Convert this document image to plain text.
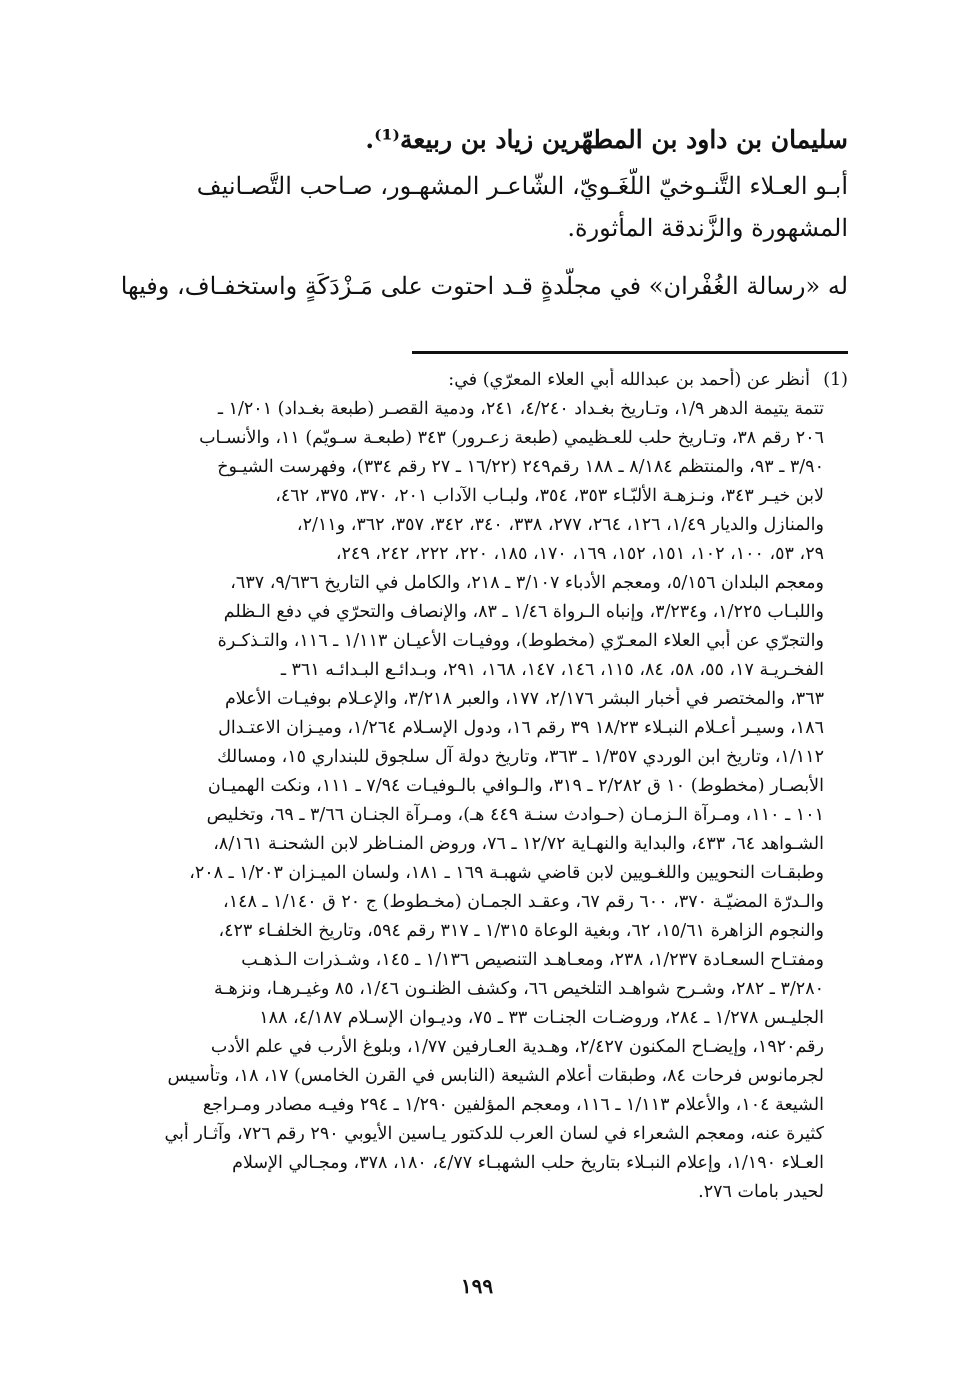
سليمان بن داود بن المطهّرين زياد بن ربيعة⁽¹⁾.
أبـو العـلاء التَّنـوخيّ اللُّغَـويّ، الشّاعـر المشهـور، صـاحب التَّصـانيف
المشهورة والزَّندقة المأثورة.
له «رسالة الغُفْران» في مجلَّدةٍ قـد احتوت على مَـزْدَكَةٍ واستخفـاف، وفيها
(1)
أنظر عن (أحمد بن عبدالله أبي العلاء المعرّي) في:
تتمة يتيمة الدهر ١/٩، وتـاريخ بغـداد ٤/٢٤٠، ٢٤١، ودمية القصـر (طبعة بغـداد) ١/٢٠١ ـ
٢٠٦ رقم ٣٨، وتـاريخ حلب للعـظيمي (طبعة زعـرور) ٣٤٣ (طبعـة سـويّم) ١١، والأنسـاب
٣/٩٠ ـ ٩٣، والمنتظم ٨/١٨٤ ـ ١٨٨ رقم٢٤٩ (١٦/٢٢ ـ ٢٧ رقم ٣٣٤)، وفهرست الشيـوخ
لابن خيـر ٣٤٣، ونـزهـة الألبّـاء ٣٥٣، ٣٥٤، ولبـاب الآداب ٢٠١، ٣٧٠، ٣٧٥، ٤٦٢،
والمنازل والديار ١/٤٩، ١٢٦، ٢٦٤، ٢٧٧، ٣٣٨، ٣٤٠، ٣٤٢، ٣٥٧، ٣٦٢، و٢/١١،
٢٩، ٥٣، ١٠٠، ١٠٢، ١٥١، ١٥٢، ١٦٩، ١٧٠، ١٨٥، ٢٢٠، ٢٢٢، ٢٤٢، ٢٤٩،
ومعجم البلدان ٥/١٥٦، ومعجم الأدباء ٣/١٠٧ ـ ٢١٨، والكامل في التاريخ ٩/٦٣٦، ٦٣٧،
واللبـاب ١/٢٢٥، و٣/٢٣٤، وإنباه الـرواة ١/٤٦ ـ ٨٣، والإنصاف والتحرّي في دفع الـظلم
والتجرّي عن أبي العلاء المعـرّي (مخطوط)، ووفيـات الأعيـان ١/١١٣ ـ ١١٦، والتـذكـرة
الفخـريـة ١٧، ٥٥، ٥٨، ٨٤، ١١٥، ١٤٦، ١٤٧، ١٦٨، ٢٩١، وبـدائـع البـدائـه ٣٦١ ـ
٣٦٣، والمختصر في أخبار البشر ٢/١٧٦، ١٧٧، والعبر ٣/٢١٨، والإعـلام بوفيـات الأعلام
١٨٦، وسيـر أعـلام النبـلاء ١٨/٢٣ ٣٩ رقم ١٦، ودول الإسـلام ١/٢٦٤، وميـزان الاعتـدال
١/١١٢، وتاريخ ابن الوردي ١/٣٥٧ ـ ٣٦٣، وتاريخ دولة آل سلجوق للبنداري ١٥، ومسالك
الأبصـار (مخطوط) ١٠ ق ٢/٢٨٢ ـ ٣١٩، والـوافي بالـوفيـات ٧/٩٤ ـ ١١١، ونكت الهميـان
١٠١ ـ ١١٠، ومـرآة الـزمـان (حـوادث سنـة ٤٤٩ هـ)، ومـرآة الجنـان ٣/٦٦ ـ ٦٩، وتخليص
الشـواهد ٦٤، ٤٣٣، والبداية والنهـاية ١٢/٧٢ ـ ٧٦، وروض المنـاظر لابن الشحنـة ٨/١٦١،
وطبقـات النحويين واللغـويين لابن قاضي شهبـة ١٦٩ ـ ١٨١، ولسان الميـزان ١/٢٠٣ ـ ٢٠٨،
والـدرّة المضيّـة ٣٧٠، ٦٠٠ رقم ٦٧، وعقـد الجمـان (مخـطوط) ج ٢٠ ق ١/١٤٠ ـ ١٤٨،
والنجوم الزاهرة ١٥/٦١، ٦٢، وبغية الوعاة ١/٣١٥ ـ ٣١٧ رقم ٥٩٤، وتاريخ الخلفـاء ٤٢٣،
ومفتـاح السعـادة ١/٢٣٧، ٢٣٨، ومعـاهـد التنصيص ١/١٣٦ ـ ١٤٥، وشـذرات الـذهـب
٣/٢٨٠ ـ ٢٨٢، وشـرح شواهـد التلخيص ٦٦، وكشف الظنـون ١/٤٦، ٨٥ وغيـرهـا، ونزهـة
الجليـس ١/٢٧٨ ـ ٢٨٤، وروضـات الجنـات ٣٣ ـ ٧٥، وديـوان الإسـلام ٤/١٨٧، ١٨٨
رقم١٩٢٠، وإيضـاح المكنون ٢/٤٢٧، وهـدية العـارفين ١/٧٧، وبلوغ الأرب في علم الأدب
لجرمانوس فرحات ٨٤، وطبقات أعلام الشيعة (النابس في القرن الخامس) ١٧، ١٨، وتأسيس
الشيعة ١٠٤، والأعلام ١/١١٣ ـ ١١٦، ومعجم المؤلفين ١/٢٩٠ ـ ٢٩٤ وفيـه مصادر ومـراجع
كثيرة عنه، ومعجم الشعراء في لسان العرب للدكتور يـاسين الأيوبي ٢٩٠ رقم ٧٢٦، وآثـار أبي
العـلاء ١/١٩٠، وإعلام النبـلاء بتاريخ حلب الشهبـاء ٤/٧٧، ١٨٠، ٣٧٨، ومجـالي الإسلام
لحيدر بامات ٢٧٦.
١٩٩
